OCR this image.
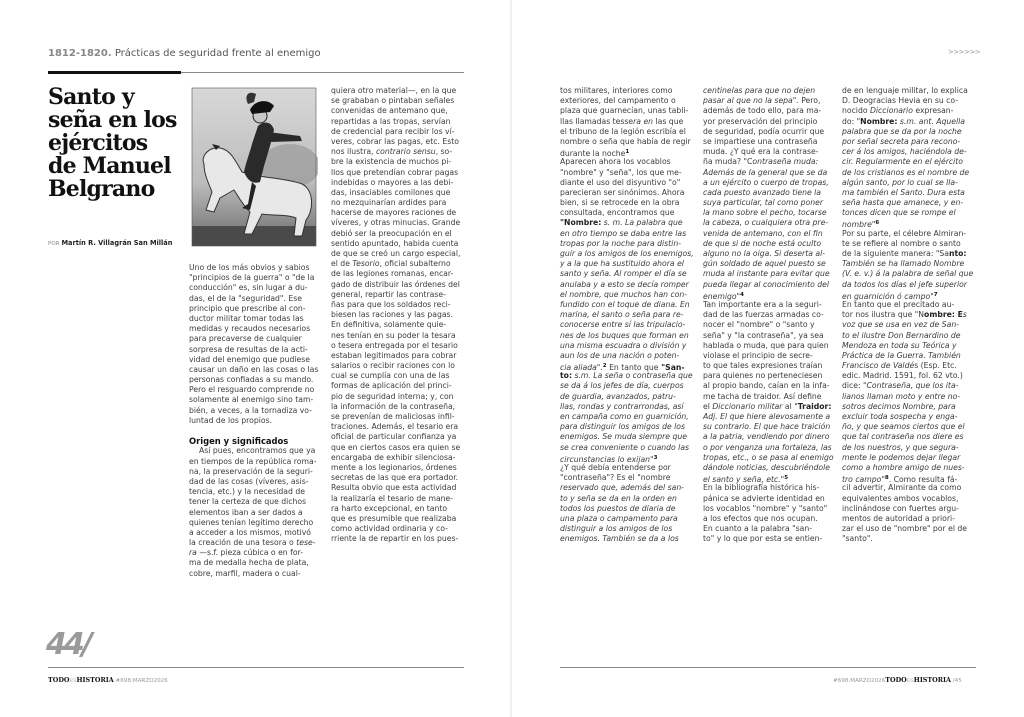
1812-1820. Prácticas de seguridad frente al enemigo
Santo y
seña en los
ejércitos
de Manuel
Belgrano
POR Martín R. Villagrán San Millán
Uno de los más obvios y sabios
"principios de la guerra" o "de la
conducción" es, sin lugar a du-
das, el de la "seguridad". Ese
principio que prescribe al con-
ductor militar tomar todas las
medidas y recaudos necesarios
para precaverse de cualquier
sorpresa de resultas de la acti-
vidad del enemigo que pudiese
causar un daño en las cosas o las
personas confiadas a su mando.
Pero el resguardo comprende no
solamente al enemigo sino tam-
bién, a veces, a la tornadiza vo-
luntad de los propios.
Origen y significados
Así pues, encontramos que ya
en tiempos de la república roma-
na, la preservación de la seguri-
dad de las cosas (víveres, asis-
tencia, etc.) y la necesidad de
tener la certeza de que dichos
elementos iban a ser dados a
quienes tenían legítimo derecho
a acceder a los mismos, motivó
la creación de una tesora o tese-
ra —s.f. pieza cúbica o en for-
ma de medalla hecha de plata,
cobre, marfil, madera o cual-
quiera otro material—, en la que
se grababan o pintaban señales
convenidas de antemano que,
repartidas a las tropas, servían
de credencial para recibir los ví-
veres, cobrar las pagas, etc. Esto
nos ilustra, contrario sensu, so-
bre la existencia de muchos pi-
llos que pretendían cobrar pagas
indebidas o mayores a las debi-
das, insaciables comilones que
no mezquinarían ardides para
hacerse de mayores raciones de
víveres, y otras minucias. Grande
debió ser la preocupación en el
sentido apuntado, habida cuenta
de que se creó un cargo especial,
el de Tesorio, oficial subalterno
de las legiones romanas, encar-
gado de distribuir las órdenes del
general, repartir las contrase-
ñas para que los soldados reci-
biesen las raciones y las pagas.
En definitiva, solamente quie-
nes tenían en su poder la tesara
o tesera entregada por el tesario
estaban legitimados para cobrar
salarios o recibir raciones con lo
cual se cumplía con una de las
formas de aplicación del princi-
pio de seguridad interna; y, con
la información de la contraseña,
se prevenían de maliciosas infil-
traciones. Además, el tesario era
oficial de particular confianza ya
que en ciertos casos era quien se
encargaba de exhibir silenciosa-
mente a los legionarios, órdenes
secretas de las que era portador.
Resulta obvio que esta actividad
la realizaría el tesario de mane-
ra harto excepcional, en tanto
que es presumible que realizaba
como actividad ordinaria y co-
rriente la de repartir en los pues-
44/
TODOESHISTORIA #698:MARZO2026
>>>>>>
tos militares, interiores como
exteriores, del campamento o
plaza que guarnecían, unas tabli-
llas llamadas tessera en las que
el tribuno de la legión escribía el
nombre o seña que había de regir
durante la noche$^1$
Aparecen ahora los vocablos
"nombre" y "seña", los que me-
diante el uso del disyuntivo "o"
parecieran ser sinónimos. Ahora
bien, si se retrocede en la obra
consultada, encontramos que
"Nombre: s. m. La palabra que
en otro tiempo se daba entre las
tropas por la noche para distin-
guir a los amigos de los enemigos,
y a la que ha sustituido ahora el
santo y seña. Al romper el día se
anulaba y a esto se decía romper
el nombre, que muchos han con-
fundido con el toque de diana. En
marina, el santo o seña para re-
conocerse entre sí las tripulacio-
nes de los buques que forman en
una misma escuadra o división y
aun los de una nación o poten-
cia aliada".$^2$ En tanto que "San-
to: s.m. La seña o contraseña que
se da á los jefes de día, cuerpos
de guardia, avanzados, patru-
llas, rondas y contrarrondas, así
en campaña como en guarnición,
para distinguir los amigos de los
enemigos. Se muda siempre que
se crea conveniente o cuando las
circunstancias lo exijan"$^3$
¿Y qué debía entenderse por
"contraseña"? Es el "nombre
reservado que, además del san-
to y seña se da en la orden en
todos los puestos de diaria de
una plaza o campamento para
distinguir a los amigos de los
enemigos. También se da a los
centinelas para que no dejen
pasar al que no la sepa". Pero,
además de todo ello, para ma-
yor preservación del principio
de seguridad, podía ocurrir que
se impartiese una contraseña
muda. ¿Y qué era la contrase-
ña muda? "Contraseña muda:
Además de la general que se da
a un ejército o cuerpo de tropas,
cada puesto avanzado tiene la
suya particular, tal como poner
la mano sobre el pecho, tocarse
la cabeza, o cualquiera otra pre-
venida de antemano, con el fin
de que si de noche está oculto
alguno no la oiga. Si deserta al-
gún soldado de aquel puesto se
muda al instante para evitar que
pueda llegar al conocimiento del
enemigo"$^4$
Tan importante era a la seguri-
dad de las fuerzas armadas co-
nocer el "nombre" o "santo y
seña" y "la contraseña", ya sea
hablada o muda, que para quien
violase el principio de secre-
to que tales expresiones traían
para quienes no perteneciesen
al propio bando, caían en la infa-
me tacha de traidor. Así define
el Diccionario militar al "Traidor:
Adj. El que hiere alevosamente a
su contrario. El que hace traición
a la patria, vendiendo por dinero
o por venganza una fortaleza, las
tropas, etc., o se pasa al enemigo
dándole noticias, descubriéndole
el santo y seña, etc."$^5$
En la bibliografía histórica his-
pánica se advierte identidad en
los vocablos "nombre" y "santo"
a los efectos que nos ocupan.
En cuanto a la palabra "san-
to" y lo que por esta se entien-
de en lenguaje militar, lo explica
D. Deogracias Hevia en su co-
nocido Diccionario expresan-
do: "Nombre: s.m. ant. Aquella
palabra que se da por la noche
por señal secreta para recono-
cer á los amigos, haciéndola de-
cir. Regularmente en el ejército
de los cristianos es el nombre de
algún santo, por lo cual se lla-
ma también el Santo. Dura esta
seña hasta que amanece, y en-
tonces dicen que se rompe el
nombre"$^6$
Por su parte, el célebre Almiran-
te se refiere al nombre o santo
de la siguiente manera: "Santo:
También se ha llamado Nombre
(V. e. v.) á la palabra de señal que
da todos los días el jefe superior
en guarnición ó campo"$^7$
En tanto que el precitado au-
tor nos ilustra que "Nombre: Es
voz que se usa en vez de San-
to el ilustre Don Bernardino de
Mendoza en toda su Teórica y
Práctica de la Guerra. También
Francisco de Valdés (Esp. Etc.
edic. Madrid. 1591, fol. 62 vto.)
dice: "Contraseña, que los ita-
lianos llaman moto y entre no-
sotros decimos Nombre, para
excluir toda sospecha y enga-
ño, y que seamos ciertos que el
que tal contraseña nos diere es
de los nuestros, y que segura-
mente le podemos dejar llegar
como a hombre amigo de nues-
tro campo"$^8$. Como resulta fá-
cil advertir, Almirante da como
equivalentes ambos vocablos,
inclinándose con fuertes argu-
mentos de autoridad a priori-
zar el uso de "nombre" por el de
"santo".
#698:MARZO2026TODOESHISTORIA /45
